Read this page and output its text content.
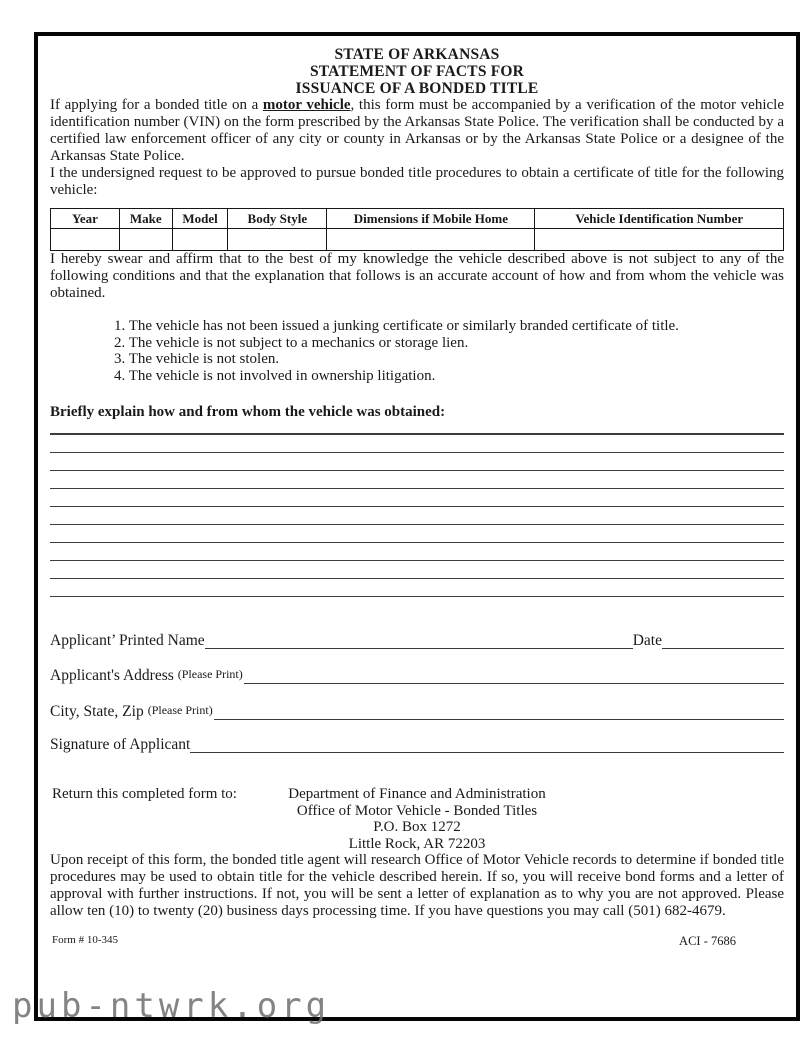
STATE OF ARKANSAS
STATEMENT OF FACTS FOR
ISSUANCE OF A BONDED TITLE

If applying for a bonded title on a motor vehicle, this form must be accompanied by a verification of the motor vehicle identification number (VIN) on the form prescribed by the Arkansas State Police. The verification shall be conducted by a certified law enforcement officer of any city or county in Arkansas or by the Arkansas State Police or a designee of the Arkansas State Police.

I the undersigned request to be approved to pursue bonded title procedures to obtain a certificate of title for the following vehicle:

Year	Make	Model	Body Style	Dimensions if Mobile Home	Vehicle Identification Number

I hereby swear and affirm that to the best of my knowledge the vehicle described above is not subject to any of the following conditions and that the explanation that follows is an accurate account of how and from whom the vehicle was obtained.

1. The vehicle has not been issued a junking certificate or similarly branded certificate of title.
2. The vehicle is not subject to a mechanics or storage lien.
3. The vehicle is not stolen.
4. The vehicle is not involved in ownership litigation.
Briefly explain how and from whom the vehicle was obtained:
Applicant’ Printed Name	Date
Applicant's Address (Please Print)
City, State, Zip (Please Print)
Signature of Applicant
Return this completed form to:	Department of Finance and Administration
Office of Motor Vehicle - Bonded Titles
P.O. Box 1272
Little Rock, AR 72203

Upon receipt of this form, the bonded title agent will research Office of Motor Vehicle records to determine if bonded title procedures may be used to obtain title for the vehicle described herein. If so, you will receive bond forms and a letter of approval with further instructions. If not, you will be sent a letter of explanation as to why you are not approved. Please allow ten (10) to twenty (20) business days processing time. If you have questions you may call (501) 682-4679.

Form # 10-345	ACI - 7686
pub-ntwrk.org
